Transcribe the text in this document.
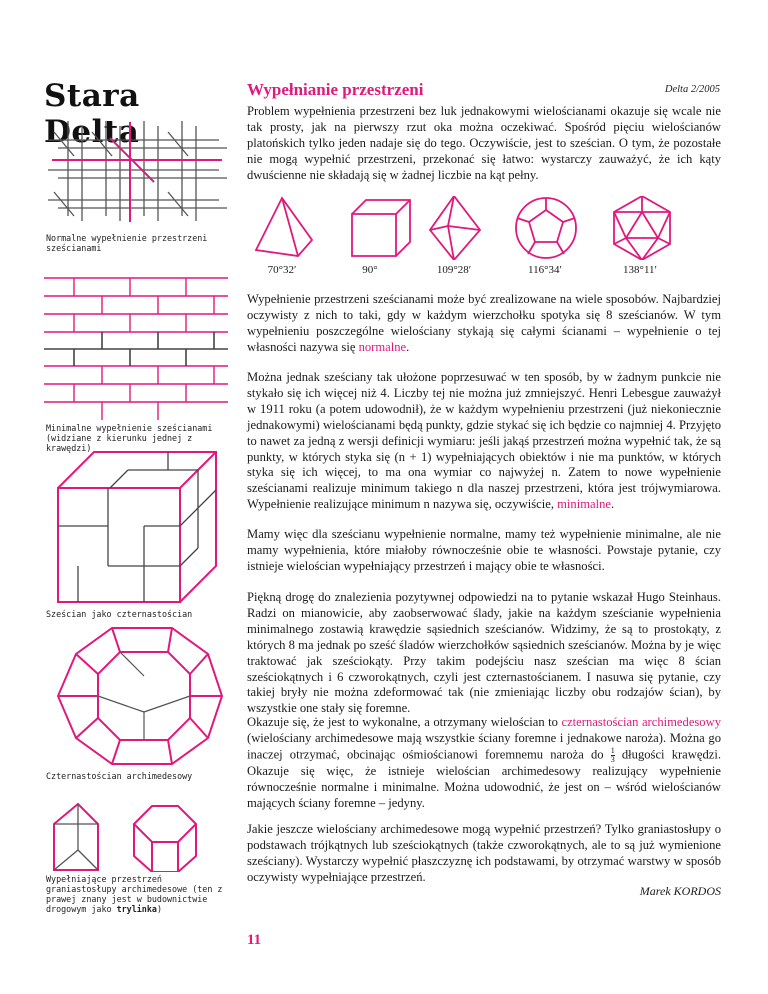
Stara Delta
Normalne wypełnienie przestrzeni sześcianami
Minimalne wypełnienie sześcianami (widziane z kierunku jednej z krawędzi)
Sześcian jako czternastościan
Czternastościan archimedesowy
Wypełniające przestrzeń graniastosłupy archimedesowe (ten z prawej znany jest w budownictwie drogowym jako trylinka)
Wypełnianie przestrzeni	Delta 2/2005

Problem wypełnienia przestrzeni bez luk jednakowymi wielościanami okazuje się wcale nie tak prosty, jak na pierwszy rzut oka można oczekiwać. Spośród pięciu wielościanów platońskich tylko jeden nadaje się do tego. Oczywiście, jest to sześcian. O tym, że pozostałe nie mogą wypełnić przestrzeni, przekonać się łatwo: wystarczy zauważyć, że ich kąty dwuścienne nie składają się w żadnej liczbie na kąt pełny.

70°32′	90°	109°28′	116°34′	138°11′

Wypełnienie przestrzeni sześcianami może być zrealizowane na wiele sposobów. Najbardziej oczywisty z nich to taki, gdy w każdym wierzchołku spotyka się 8 sześcianów. W tym wypełnieniu poszczególne wielościany stykają się całymi ścianami – wypełnienie o tej własności nazywa się normalne.

Można jednak sześciany tak ułożone poprzesuwać w ten sposób, by w żadnym punkcie nie stykało się ich więcej niż 4. Liczby tej nie można już zmniejszyć. Henri Lebesgue zauważył w 1911 roku (a potem udowodnił), że w każdym wypełnieniu przestrzeni (już niekoniecznie jednakowymi) wielościanami będą punkty, gdzie stykać się ich będzie co najmniej 4. Przyjęto to nawet za jedną z wersji definicji wymiaru: jeśli jakąś przestrzeń można wypełnić tak, że są punkty, w których styka się (n + 1) wypełniających obiektów i nie ma punktów, w których styka się ich więcej, to ma ona wymiar co najwyżej n. Zatem to nowe wypełnienie sześcianami realizuje minimum takiego n dla naszej przestrzeni, która jest trójwymiarowa. Wypełnienie realizujące minimum n nazywa się, oczywiście, minimalne.

Mamy więc dla sześcianu wypełnienie normalne, mamy też wypełnienie minimalne, ale nie mamy wypełnienia, które miałoby równocześnie obie te własności. Powstaje pytanie, czy istnieje wielościan wypełniający przestrzeń i mający obie te własności.

Piękną drogę do znalezienia pozytywnej odpowiedzi na to pytanie wskazał Hugo Steinhaus. Radzi on mianowicie, aby zaobserwować ślady, jakie na każdym sześcianie wypełnienia minimalnego zostawią krawędzie sąsiednich sześcianów. Widzimy, że są to prostokąty, z których 8 ma jednak po sześć śladów wierzchołków sąsiednich sześcianów. Można by je więc traktować jak sześciokąty. Przy takim podejściu nasz sześcian ma więc 8 ścian sześciokątnych i 6 czworokątnych, czyli jest czternastościanem. I nasuwa się pytanie, czy takiej bryły nie można zdeformować tak (nie zmieniając liczby obu rodzajów ścian), by wszystkie one stały się foremne.

Okazuje się, że jest to wykonalne, a otrzymany wielościan to czternastościan archimedesowy (wielościany archimedesowe mają wszystkie ściany foremne i jednakowe naroża). Można go inaczej otrzymać, obcinając ośmiościanowi foremnemu naroża do $\frac{1}{3}$ długości krawędzi. Okazuje się więc, że istnieje wielościan archimedesowy realizujący wypełnienie równocześnie normalne i minimalne. Można udowodnić, że jest on – wśród wielościanów mających ściany foremne – jedyny.

Jakie jeszcze wielościany archimedesowe mogą wypełnić przestrzeń? Tylko graniastosłupy o podstawach trójkątnych lub sześciokątnych (także czworokątnych, ale to są już wymienione sześciany). Wystarczy wypełnić płaszczyznę ich podstawami, by otrzymać warstwy w sposób oczywisty wypełniające przestrzeń.

Marek KORDOS
11
